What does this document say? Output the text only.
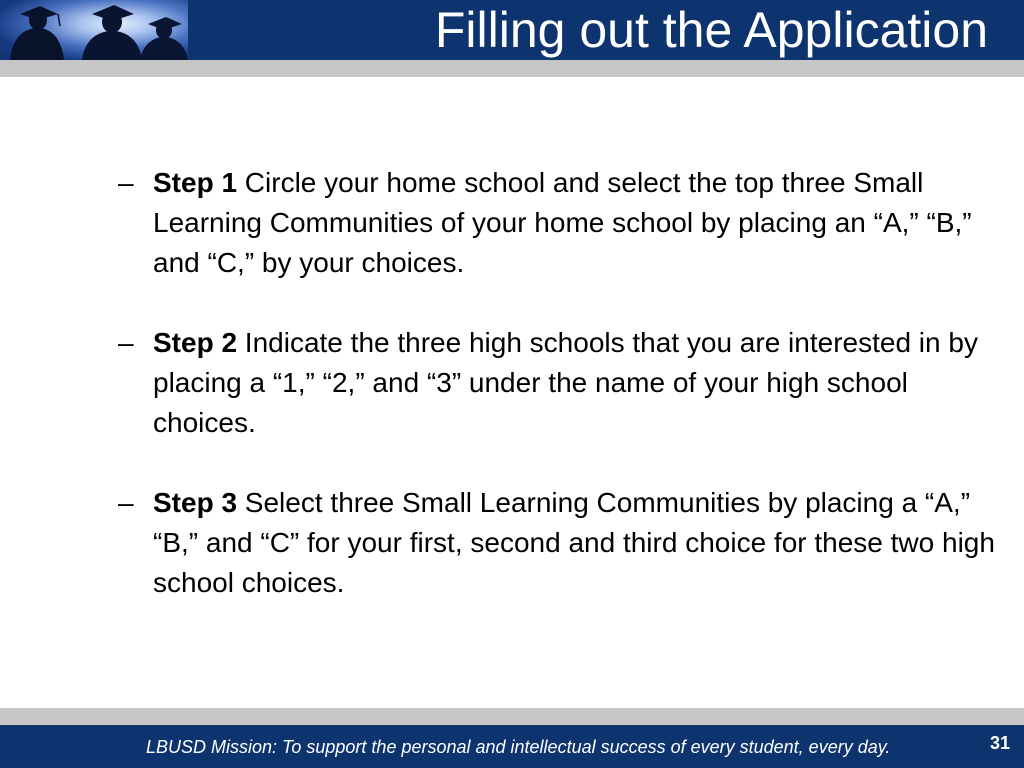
Filling out the Application
– Step 1 Circle your home school and select the top three Small Learning Communities of your home school by placing an “A,” “B,” and “C,” by your choices.
– Step 2 Indicate the three high schools that you are interested in by placing a “1,” “2,” and “3” under the name of your high school choices.
– Step 3 Select three Small Learning Communities by placing a “A,” “B,” and “C” for your first, second and third choice for these two high school choices.
LBUSD Mission: To support the personal and intellectual success of every student, every day.	31
